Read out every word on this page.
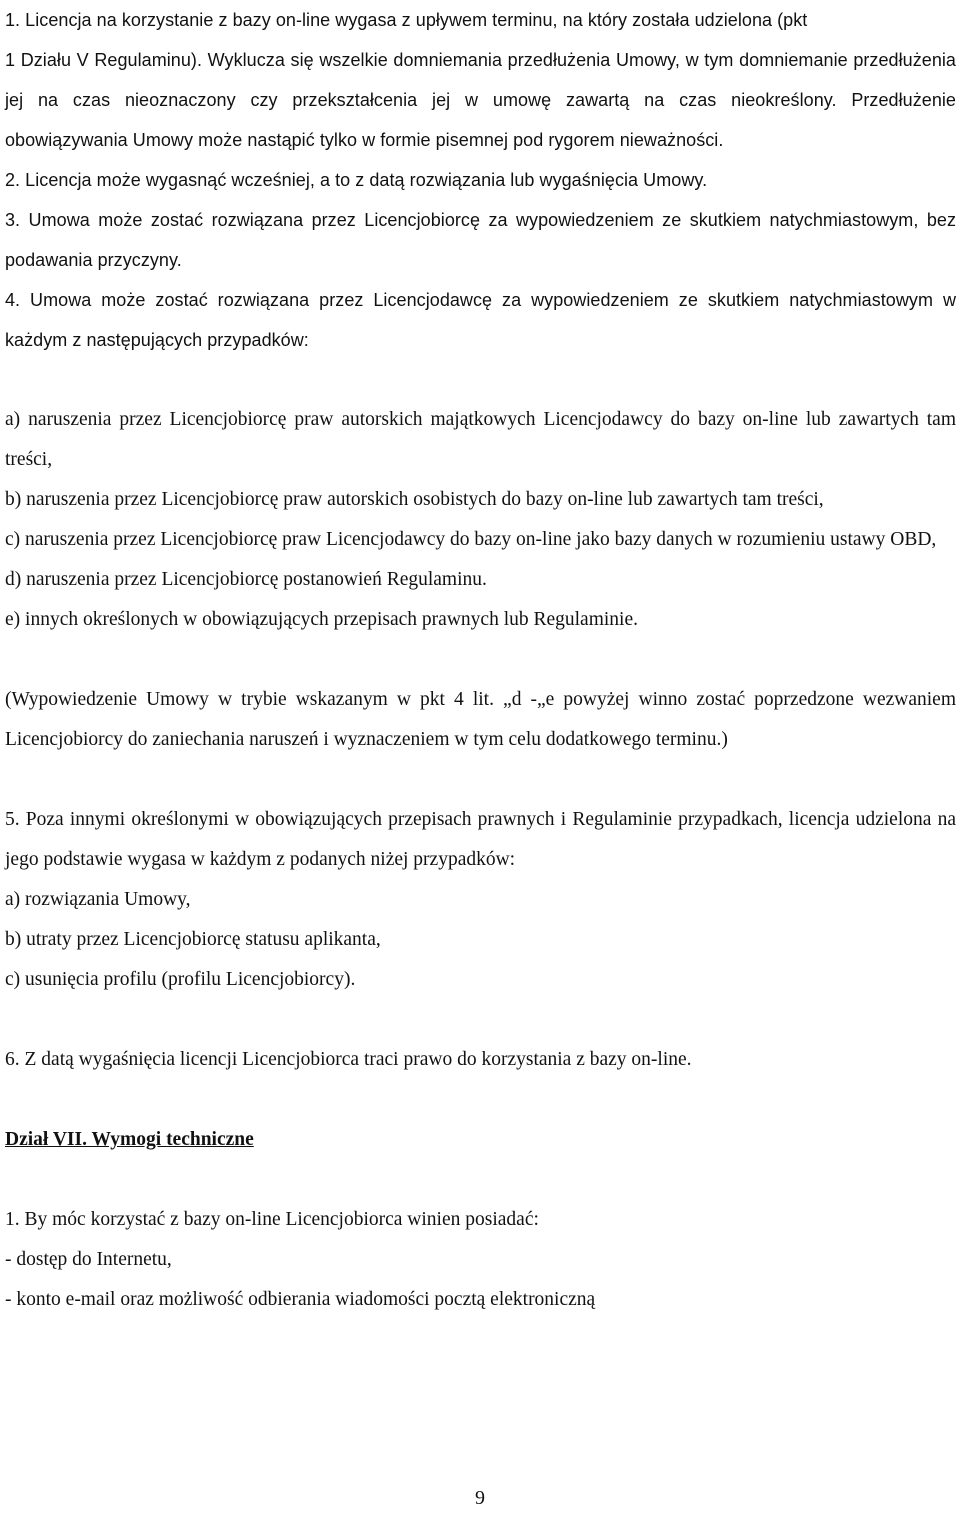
1. Licencja na korzystanie z bazy on-line wygasa z upływem terminu, na który została udzielona (pkt

1 Działu V Regulaminu). Wyklucza się wszelkie domniemania przedłużenia Umowy, w tym domniemanie przedłużenia jej na czas nieoznaczony czy przekształcenia jej w umowę zawartą na czas nieokreślony. Przedłużenie obowiązywania Umowy może nastąpić tylko w formie pisemnej pod rygorem nieważności.

2. Licencja może wygasnąć wcześniej, a to z datą rozwiązania lub wygaśnięcia Umowy.

3. Umowa może zostać rozwiązana przez Licencjobiorcę za wypowiedzeniem ze skutkiem natychmiastowym, bez podawania przyczyny.

4. Umowa może zostać rozwiązana przez Licencjodawcę za wypowiedzeniem ze skutkiem natychmiastowym w każdym z następujących przypadków:

a) naruszenia przez Licencjobiorcę praw autorskich majątkowych Licencjodawcy do bazy on-line lub zawartych tam treści,

b) naruszenia przez Licencjobiorcę praw autorskich osobistych do bazy on-line lub zawartych tam treści,

c) naruszenia przez Licencjobiorcę praw Licencjodawcy do bazy on-line jako bazy danych w rozumieniu ustawy OBD,

d) naruszenia przez Licencjobiorcę postanowień Regulaminu.

e) innych określonych w obowiązujących przepisach prawnych lub Regulaminie.

(Wypowiedzenie Umowy w trybie wskazanym w pkt 4 lit. „d -„e powyżej winno zostać poprzedzone wezwaniem Licencjobiorcy do zaniechania naruszeń i wyznaczeniem w tym celu dodatkowego terminu.)

5. Poza innymi określonymi w obowiązujących przepisach prawnych i Regulaminie przypadkach, licencja udzielona na jego podstawie wygasa w każdym z podanych niżej przypadków:

a) rozwiązania Umowy,

b) utraty przez Licencjobiorcę statusu aplikanta,

c) usunięcia profilu (profilu Licencjobiorcy).

6. Z datą wygaśnięcia licencji Licencjobiorca traci prawo do korzystania z bazy on-line.

Dział VII. Wymogi techniczne

1. By móc korzystać z bazy on-line Licencjobiorca winien posiadać:

- dostęp do Internetu,

- konto e-mail oraz możliwość odbierania wiadomości pocztą elektroniczną

9
